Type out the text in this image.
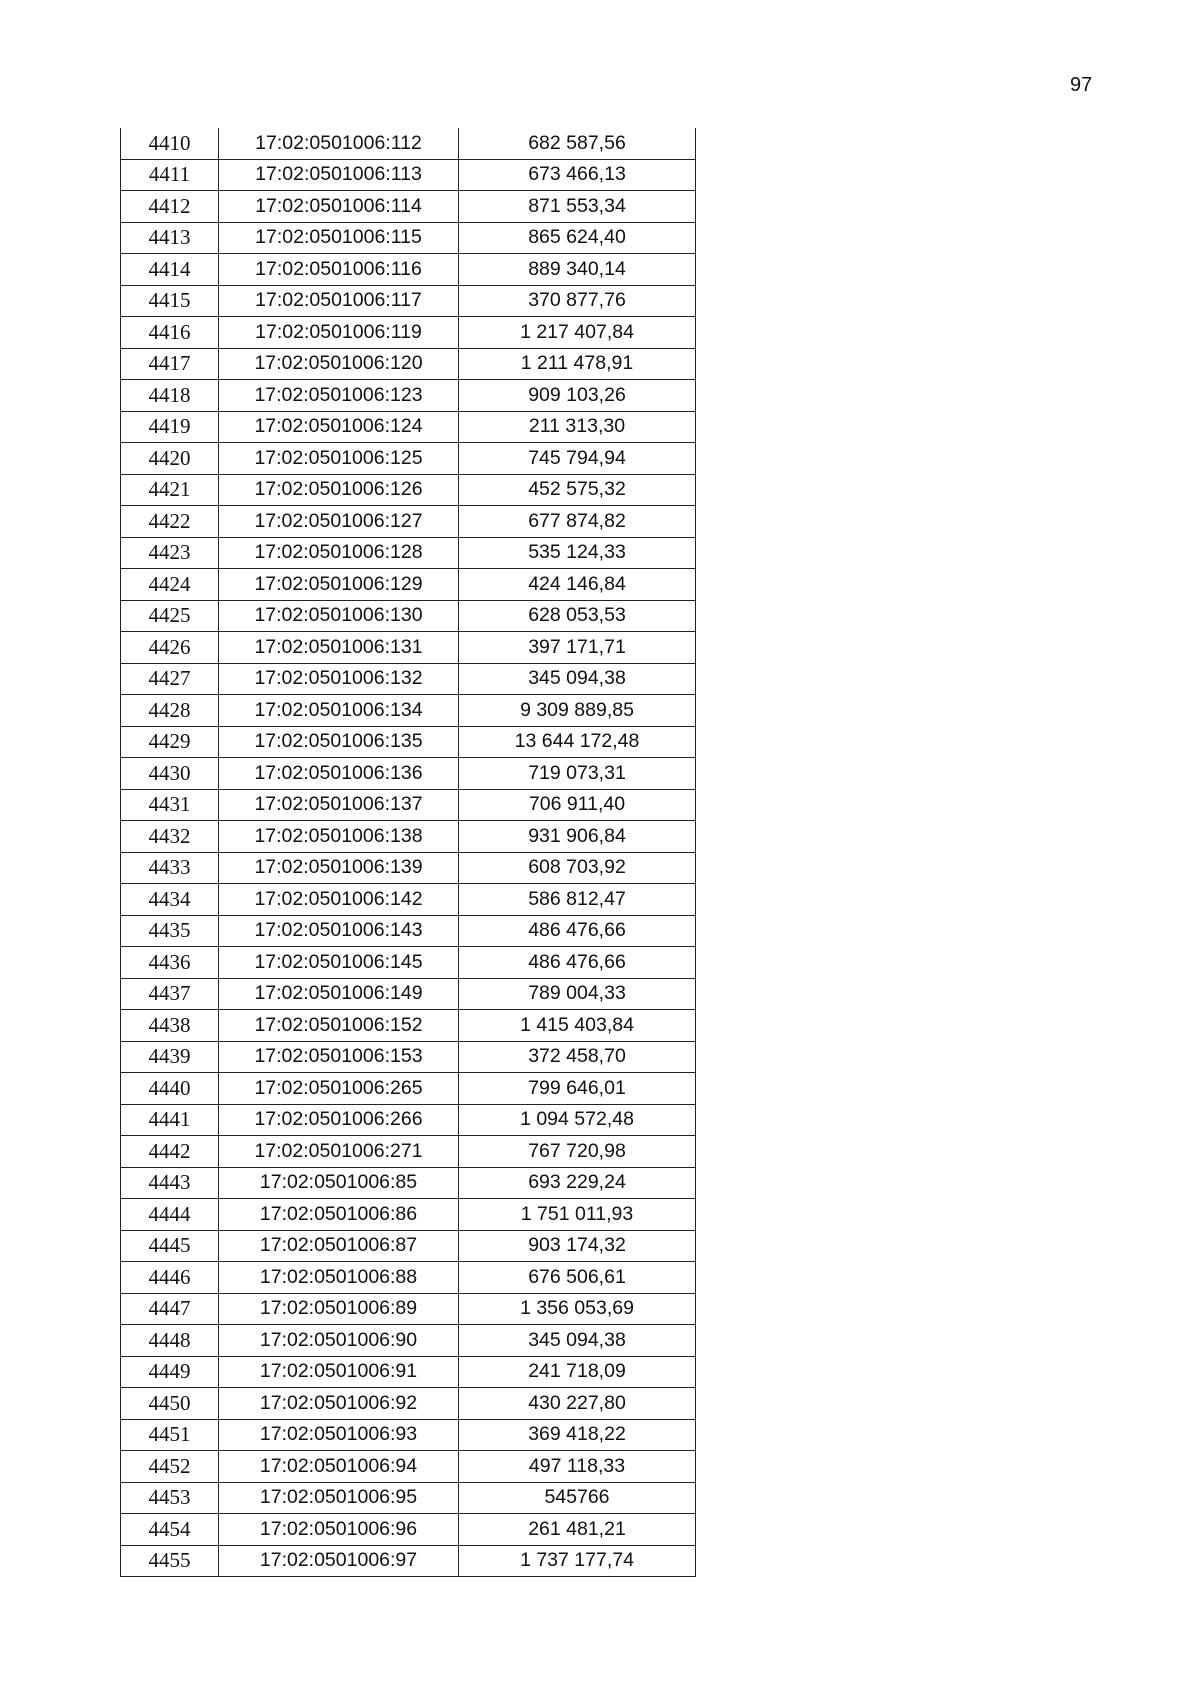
97
4410	17:02:0501006:112	682 587,56
4411	17:02:0501006:113	673 466,13
4412	17:02:0501006:114	871 553,34
4413	17:02:0501006:115	865 624,40
4414	17:02:0501006:116	889 340,14
4415	17:02:0501006:117	370 877,76
4416	17:02:0501006:119	1 217 407,84
4417	17:02:0501006:120	1 211 478,91
4418	17:02:0501006:123	909 103,26
4419	17:02:0501006:124	211 313,30
4420	17:02:0501006:125	745 794,94
4421	17:02:0501006:126	452 575,32
4422	17:02:0501006:127	677 874,82
4423	17:02:0501006:128	535 124,33
4424	17:02:0501006:129	424 146,84
4425	17:02:0501006:130	628 053,53
4426	17:02:0501006:131	397 171,71
4427	17:02:0501006:132	345 094,38
4428	17:02:0501006:134	9 309 889,85
4429	17:02:0501006:135	13 644 172,48
4430	17:02:0501006:136	719 073,31
4431	17:02:0501006:137	706 911,40
4432	17:02:0501006:138	931 906,84
4433	17:02:0501006:139	608 703,92
4434	17:02:0501006:142	586 812,47
4435	17:02:0501006:143	486 476,66
4436	17:02:0501006:145	486 476,66
4437	17:02:0501006:149	789 004,33
4438	17:02:0501006:152	1 415 403,84
4439	17:02:0501006:153	372 458,70
4440	17:02:0501006:265	799 646,01
4441	17:02:0501006:266	1 094 572,48
4442	17:02:0501006:271	767 720,98
4443	17:02:0501006:85	693 229,24
4444	17:02:0501006:86	1 751 011,93
4445	17:02:0501006:87	903 174,32
4446	17:02:0501006:88	676 506,61
4447	17:02:0501006:89	1 356 053,69
4448	17:02:0501006:90	345 094,38
4449	17:02:0501006:91	241 718,09
4450	17:02:0501006:92	430 227,80
4451	17:02:0501006:93	369 418,22
4452	17:02:0501006:94	497 118,33
4453	17:02:0501006:95	545766
4454	17:02:0501006:96	261 481,21
4455	17:02:0501006:97	1 737 177,74
